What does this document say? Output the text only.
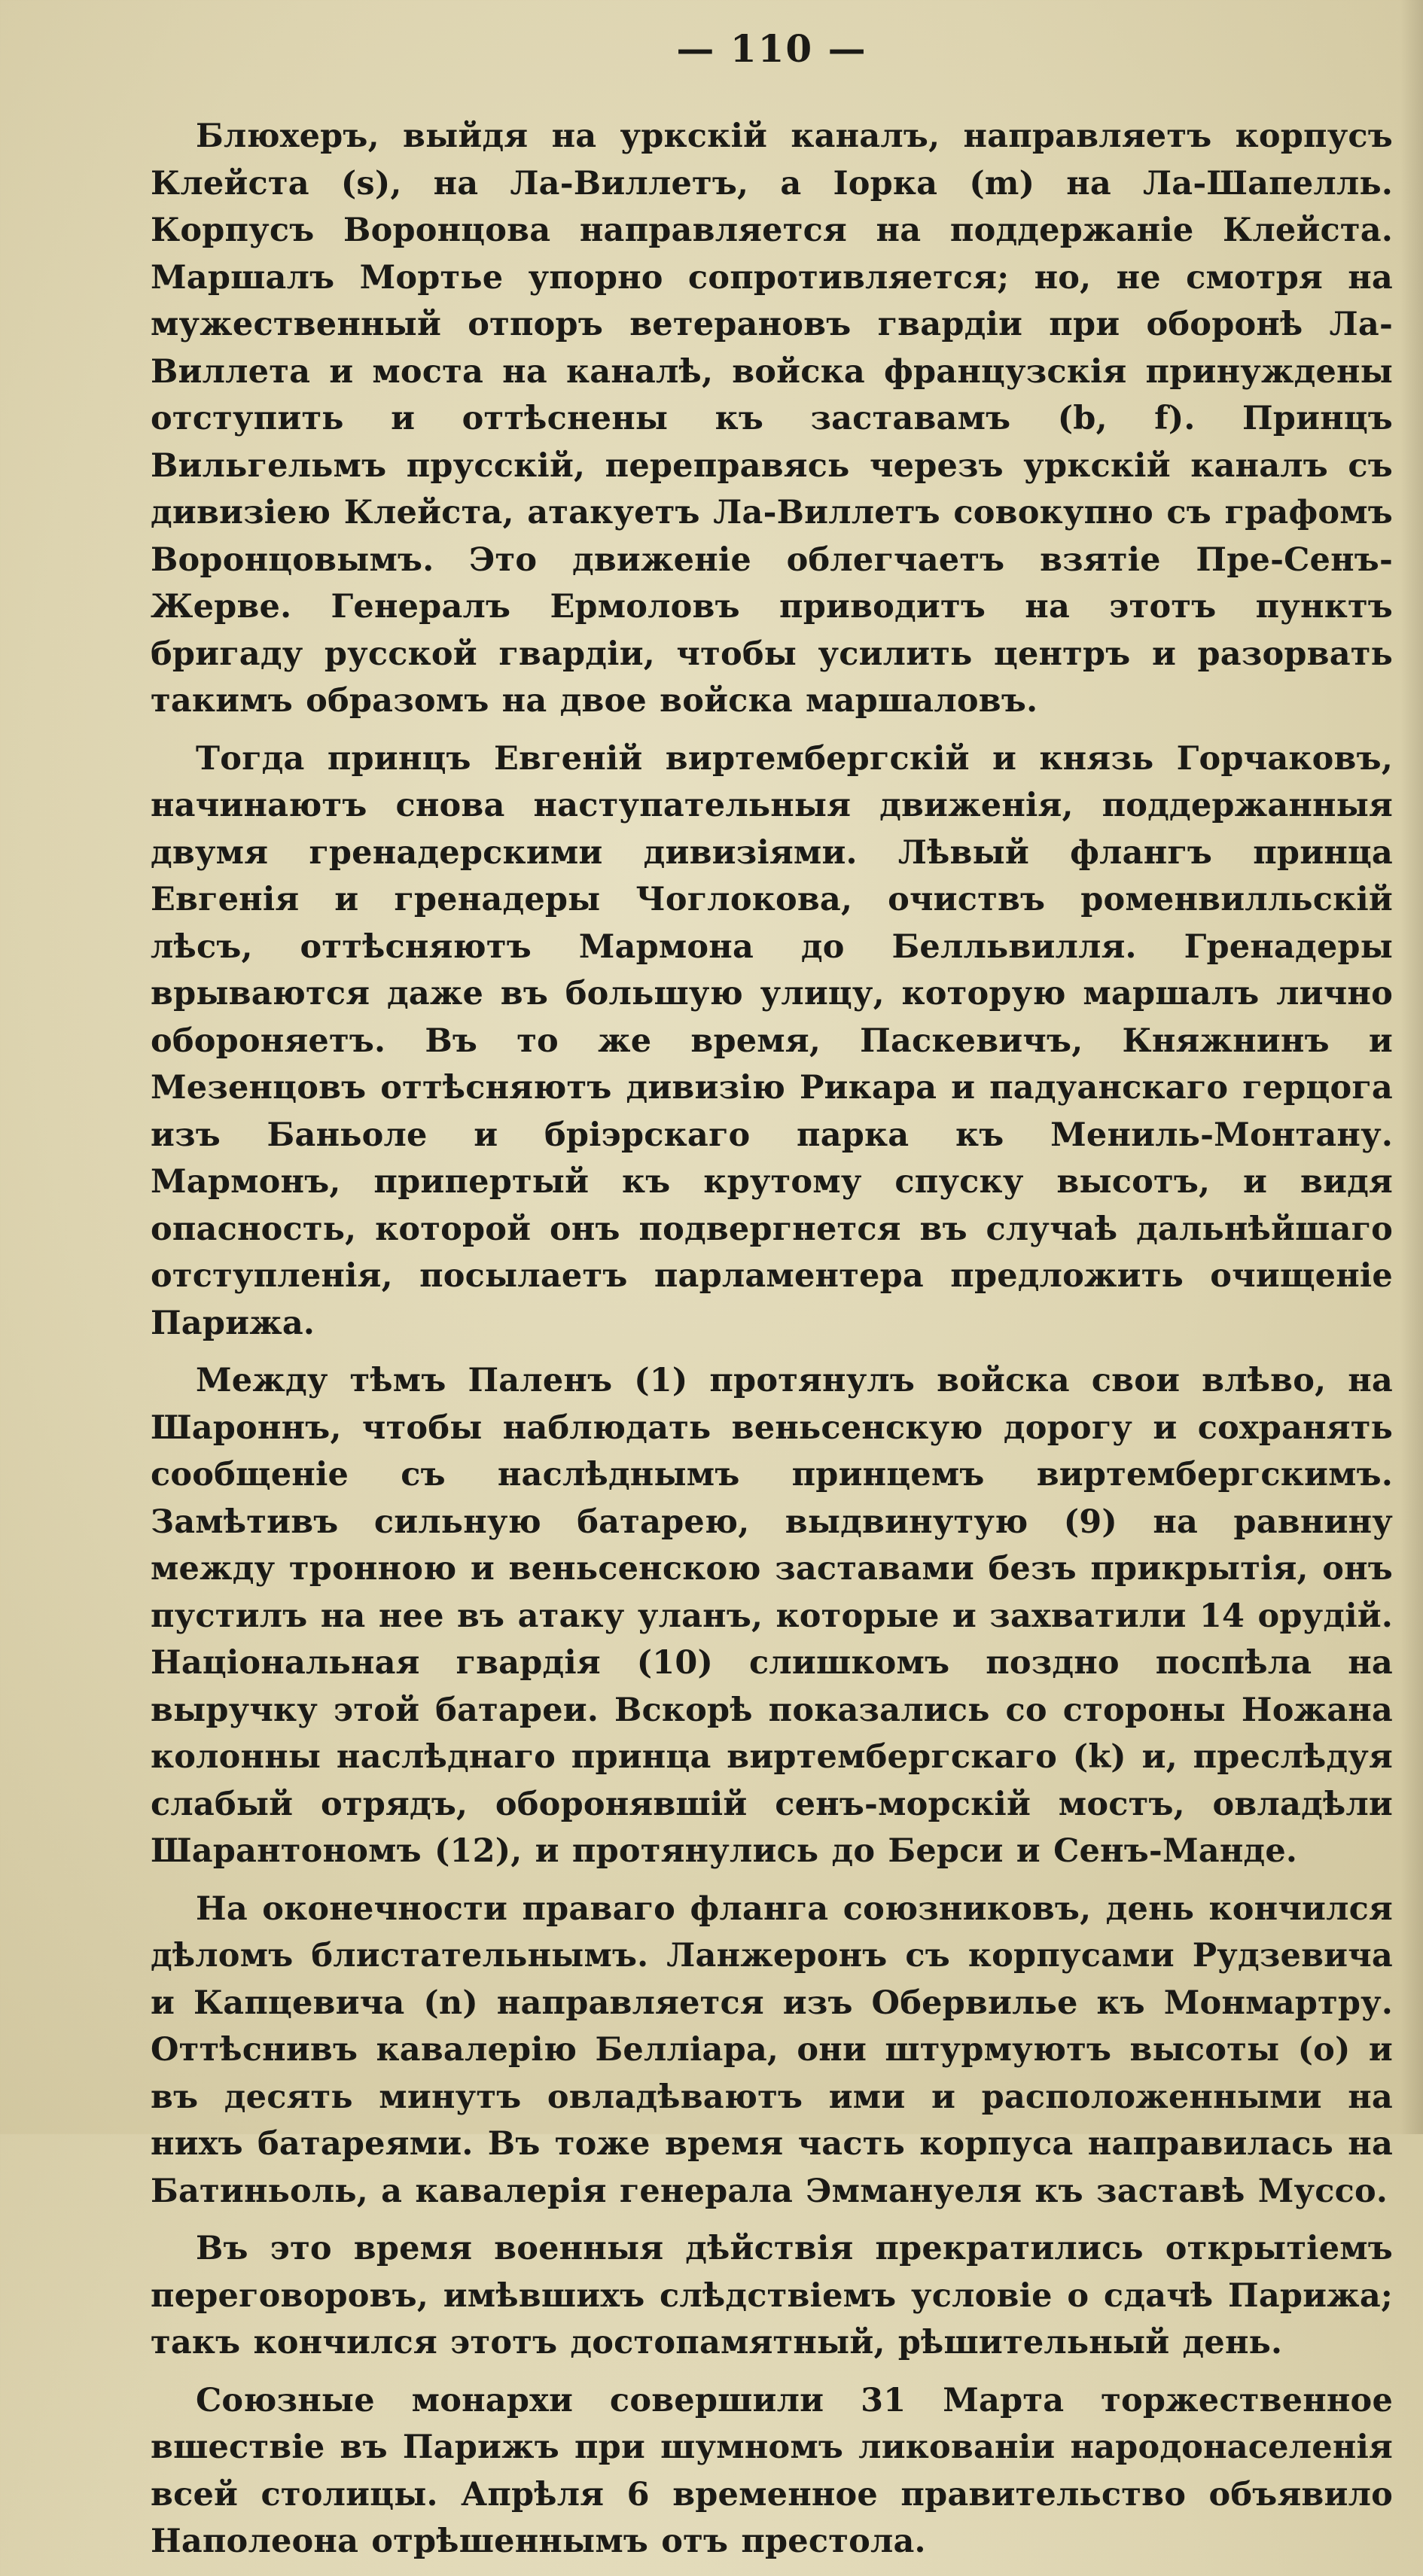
— 110 —

Блюхеръ, выйдя на уркскій каналъ, направляетъ корпусъ Клейста (s), на Ла-Виллетъ, а Іорка (m) на Ла-Шапелль. Корпусъ Воронцова направляется на поддержаніе Клейста. Маршалъ Мортье упорно сопротивляется; но, не смотря на мужественный отпоръ ветерановъ гвардіи при оборонѣ Ла-Виллета и моста на каналѣ, войска французскія принуждены отступить и оттѣснены къ заставамъ (b, f). Принцъ Вильгельмъ прусскій, переправясь черезъ уркскій каналъ съ дивизіею Клейста, атакуетъ Ла-Виллетъ совокупно съ графомъ Воронцовымъ. Это движеніе облегчаетъ взятіе Пре-Сенъ-Жерве. Генералъ Ермоловъ приводитъ на этотъ пунктъ бригаду русской гвардіи, чтобы усилить центръ и разорвать такимъ образомъ на двое войска маршаловъ.

Тогда принцъ Евгеній виртембергскій и князь Горчаковъ, начинаютъ снова наступательныя движенія, поддержанныя двумя гренадерскими дивизіями. Лѣвый флангъ принца Евгенія и гренадеры Чоглокова, очиствъ роменвилльскій лѣсъ, оттѣсняютъ Мармона до Белльвилля. Гренадеры врываются даже въ большую улицу, которую маршалъ лично обороняетъ. Въ то же время, Паскевичъ, Княжнинъ и Мезенцовъ оттѣсняютъ дивизію Рикара и падуанскаго герцога изъ Баньоле и бріэрскаго парка къ Мениль-Монтану. Мармонъ, припертый къ крутому спуску высотъ, и видя опасность, которой онъ подвергнется въ случаѣ дальнѣйшаго отступленія, посылаетъ парламентера предложить очищеніе Парижа.

Между тѣмъ Паленъ (1) протянулъ войска свои влѣво, на Шароннъ, чтобы наблюдать веньсенскую дорогу и сохранять сообщеніе съ наслѣднымъ принцемъ виртембергскимъ. Замѣтивъ сильную батарею, выдвинутую (9) на равнину между тронною и веньсенскою заставами безъ прикрытія, онъ пустилъ на нее въ атаку уланъ, которые и захватили 14 орудій. Національная гвардія (10) слишкомъ поздно поспѣла на выручку этой батареи. Вскорѣ показались со стороны Ножана колонны наслѣднаго принца виртембергскаго (k) и, преслѣдуя слабый отрядъ, оборонявшій сенъ-морскій мостъ, овладѣли Шарантономъ (12), и протянулись до Берси и Сенъ-Манде.

На оконечности праваго фланга союзниковъ, день кончился дѣломъ блистательнымъ. Ланжеронъ съ корпусами Рудзевича и Капцевича (n) направляется изъ Обервилье къ Монмартру. Оттѣснивъ кавалерію Белліара, они штурмуютъ высоты (о) и въ десять минутъ овладѣваютъ ими и расположенными на нихъ батареями. Въ тоже время часть корпуса направилась на Батиньоль, а кавалерія генерала Эммануеля къ заставѣ Муссо.

Въ это время военныя дѣйствія прекратились открытіемъ переговоровъ, имѣвшихъ слѣдствіемъ условіе о сдачѣ Парижа; такъ кончился этотъ достопамятный, рѣшительный день.

Союзные монархи совершили 31 Марта торжественное вшествіе въ Парижъ при шумномъ ликованіи народонаселенія всей столицы. Апрѣля 6 временное правительство объявило Наполеона отрѣшеннымъ отъ престола.
